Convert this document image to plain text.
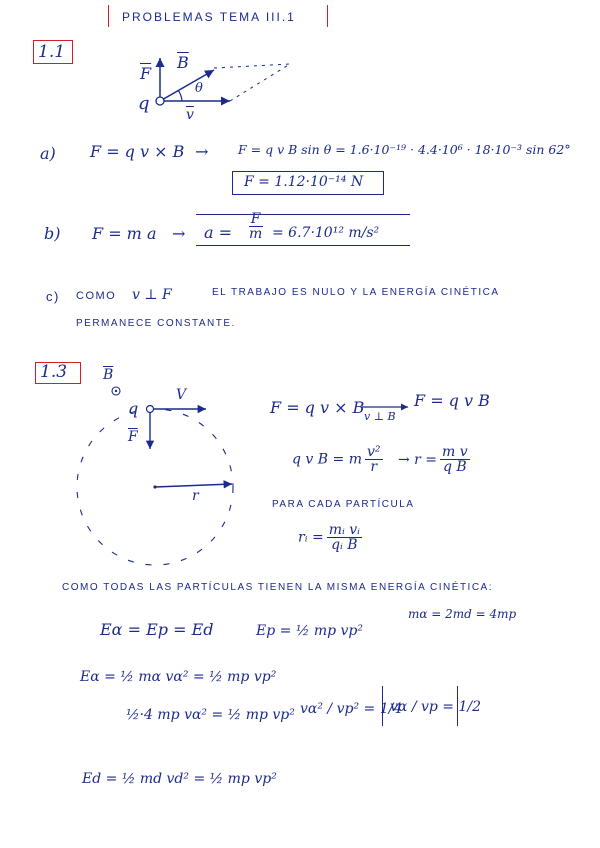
PROBLEMAS TEMA III.1
1.1
$\overline{F}$
$\overline{B}$
q
θ
$\overline{v}$
a) F = q v × B → F = q v B sin θ = 1.6·10⁻¹⁹ · 4.4·10⁶ · 18·10⁻³ sin 62°
F = 1.12·10⁻¹⁴ N
b) F = m $a \to a = \frac{F}{m} = 6.7\cdot 10^{12}$ m/s²
c) COMO v ⊥ F	EL TRABAJO ES NULO Y LA ENERGÍA CINÉTICA
PERMANECE CONSTANTE.
1.3	$\overline{B}$
V
q
$\overline{F}$
r
F = q v × B v ⊥ B
F = q v B
q v B = m $\frac{\text{v²}}{r} \to r = \frac{\text{m v}}{\text{q B}}$
PARA CADA PARTÍCULA
rᵢ = $\frac{\text{mᵢ vᵢ}}{\text{qᵢ B}}$
COMO TODAS LAS PARTÍCULAS TIENEN LA MISMA ENERGÍA CINÉTICA:
Eα = Ep = Ed	Ep = ½ mp vp²
mα = 2md = 4mp
Eα = ½ mα vα² = ½ mp vp²
½·4 mp vα² = ½ mp vp² vα² / vp² = 1/4
vα / vp = 1/2
Ed = ½ md vd² = ½ mp vp²
